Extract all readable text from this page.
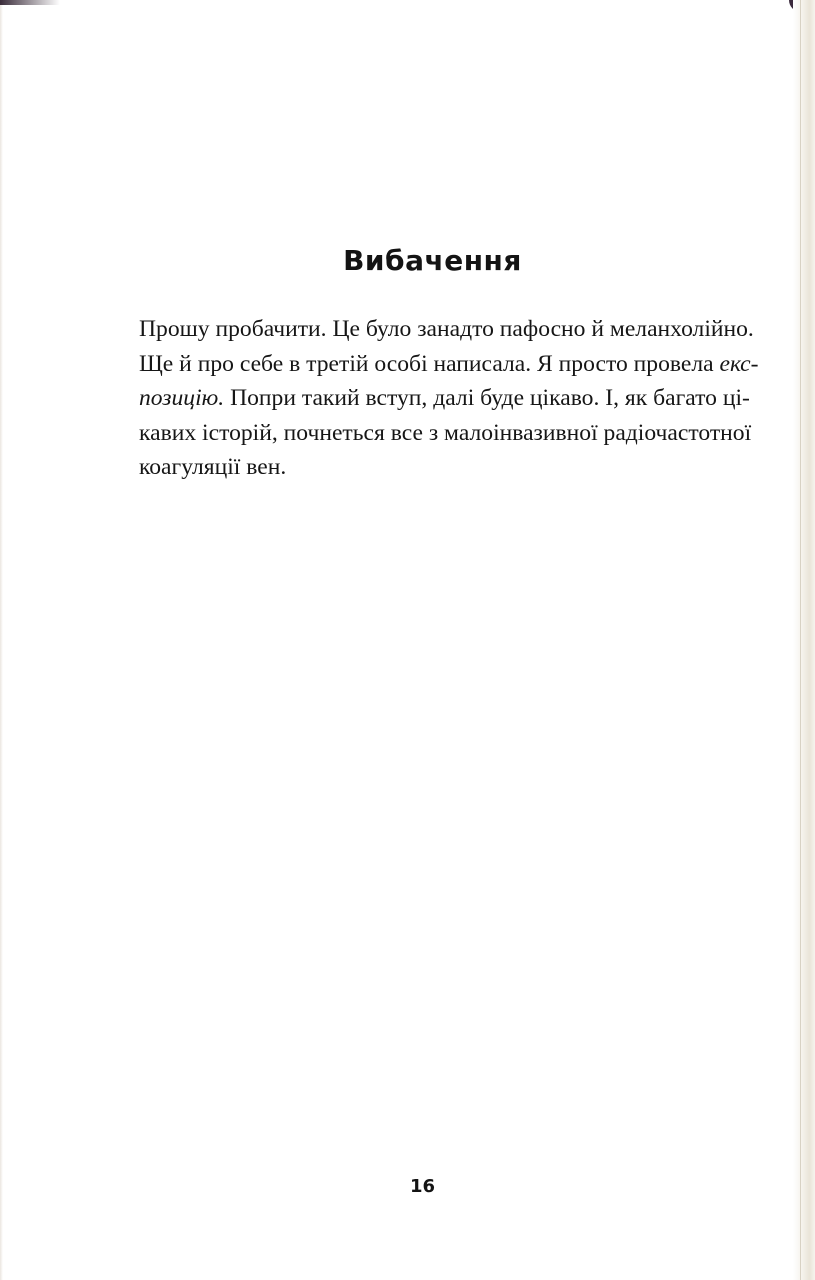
Вибачення
Прошу пробачити. Це було занадто пафосно й меланхолійно.
Ще й про себе в третій особі написала. Я просто провела екс-
позицію. Попри такий вступ, далі буде цікаво. І, як багато ці-
кавих історій, почнеться все з малоінвазивної радіочастотної
коагуляції вен.
16
